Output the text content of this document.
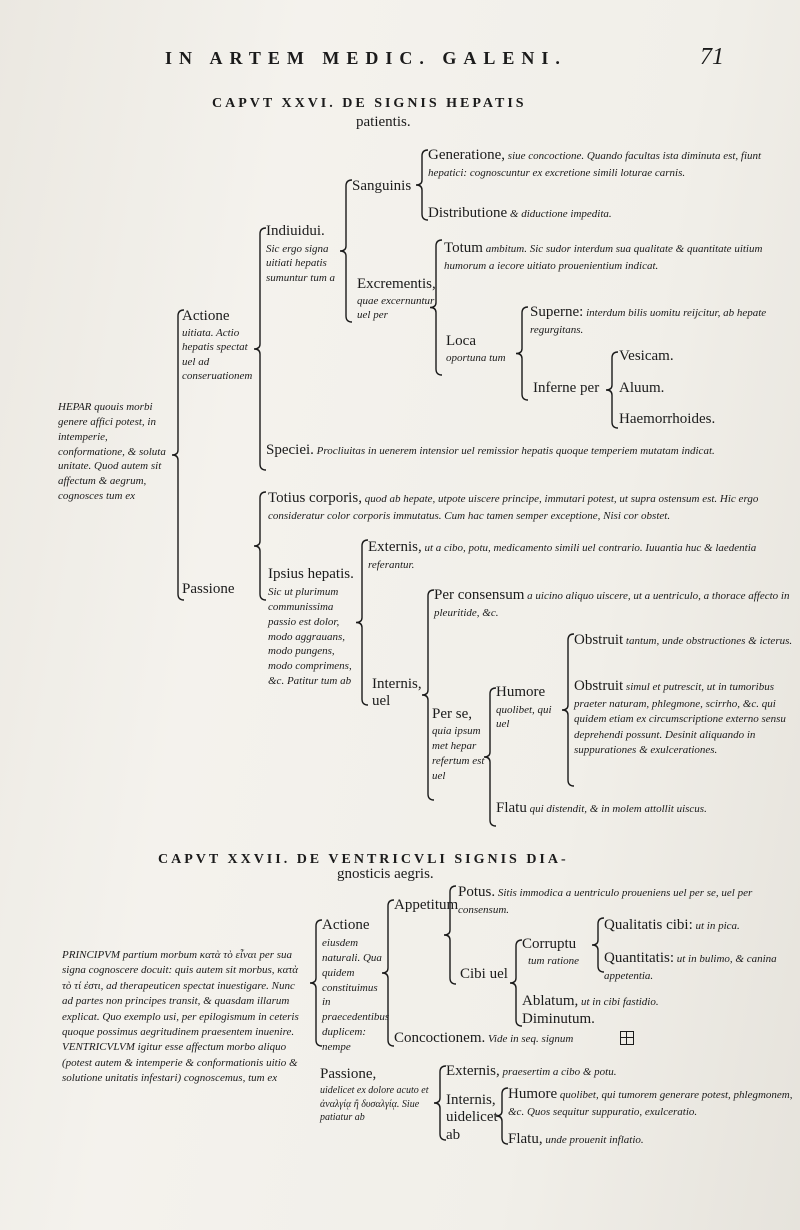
IN ARTEM MEDIC. GALENI.	71
CAPVT XXVI. DE SIGNIS HEPATIS
patientis.
HEPAR quouis morbi genere affici potest, in intemperie, conformatione, & soluta unitate. Quod autem sit affectum & aegrum, cognosces tum ex
Actione
uitiata. Actio hepatis spectat uel ad conseruationem
Indiuidui.
Sic ergo signa uitiati hepatis sumuntur tum a
Sanguinis
Generatione, siue concoctione. Quando facultas ista diminuta est, fiunt hepatici: cognoscuntur ex excretione simili loturae carnis.
Distributione & diductione impedita.
Excrementis,
quae excernuntur uel per
Totum ambitum. Sic sudor interdum sua qualitate & quantitate uitium humorum a iecore uitiato prouenientium indicat.
Loca
oportuna tum
Superne: interdum bilis uomitu reijcitur, ab hepate regurgitans.
Inferne per
Vesicam.
Aluum.
Haemorrhoides.
Speciei. Procliuitas in uenerem intensior uel remissior hepatis quoque temperiem mutatam indicat.
Passione
Totius corporis, quod ab hepate, utpote uiscere principe, immutari potest, ut supra ostensum est. Hic ergo consideratur color corporis immutatus. Cum hac tamen semper exceptione, Nisi cor obstet.
Ipsius hepatis.
Sic ut plurimum communissima passio est dolor, modo aggrauans, modo pungens, modo comprimens, &c. Patitur tum ab
Externis, ut a cibo, potu, medicamento simili uel contrario. Iuuantia huc & laedentia referantur.
Internis, uel
Per consensum a uicino aliquo uiscere, ut a uentriculo, a thorace affecto in pleuritide, &c.
Per se,
quia ipsum met hepar refertum est uel
Humore
quolibet, qui uel
Obstruit tantum, unde obstructiones & icterus.
Obstruit simul et putrescit, ut in tumoribus praeter naturam, phlegmone, scirrho, &c. qui quidem etiam ex circumscriptione externo sensu deprehendi possunt. Desinit aliquando in suppurationes & exulcerationes.
Flatu qui distendit, & in molem attollit uiscus.
CAPVT XXVII. DE VENTRICVLI SIGNIS DIA-
gnosticis aegris.
PRINCIPVM partium morbum κατὰ τὸ εἶναι per sua signa cognoscere docuit: quis autem sit morbus, κατὰ τὸ τί ἐστι, ad therapeuticen spectat inuestigare. Nunc ad partes non principes transit, & quasdam illarum explicat. Quo exemplo usi, per epilogismum in ceteris quoque possimus aegritudinem praesentem inuenire. VENTRICVLVM igitur esse affectum morbo aliquo (potest autem & intemperie & conformationis uitio & solutione unitatis infestari) cognoscemus, tum ex
Actione
eiusdem naturali. Qua quidem constituimus in praecedentibus duplicem: nempe
Appetitum
Potus. Sitis immodica a uentriculo proueniens uel per se, uel per consensum.
Cibi uel
Corruptu
tum ratione
Qualitatis cibi: ut in pica.
Quantitatis: ut in bulimo, & canina appetentia.
Ablatum, ut in cibi fastidio.
Diminutum.
Concoctionem. Vide in seq. signum
Passione,
uidelicet ex dolore acuto et ἀναλγίᾳ ἢ δυσαλγίᾳ. Siue patiatur ab
Externis, praesertim a cibo & potu.
Internis, uidelicet ab
Humore quolibet, qui tumorem generare potest, phlegmonem, &c. Quos sequitur suppuratio, exulceratio.
Flatu, unde prouenit inflatio.
